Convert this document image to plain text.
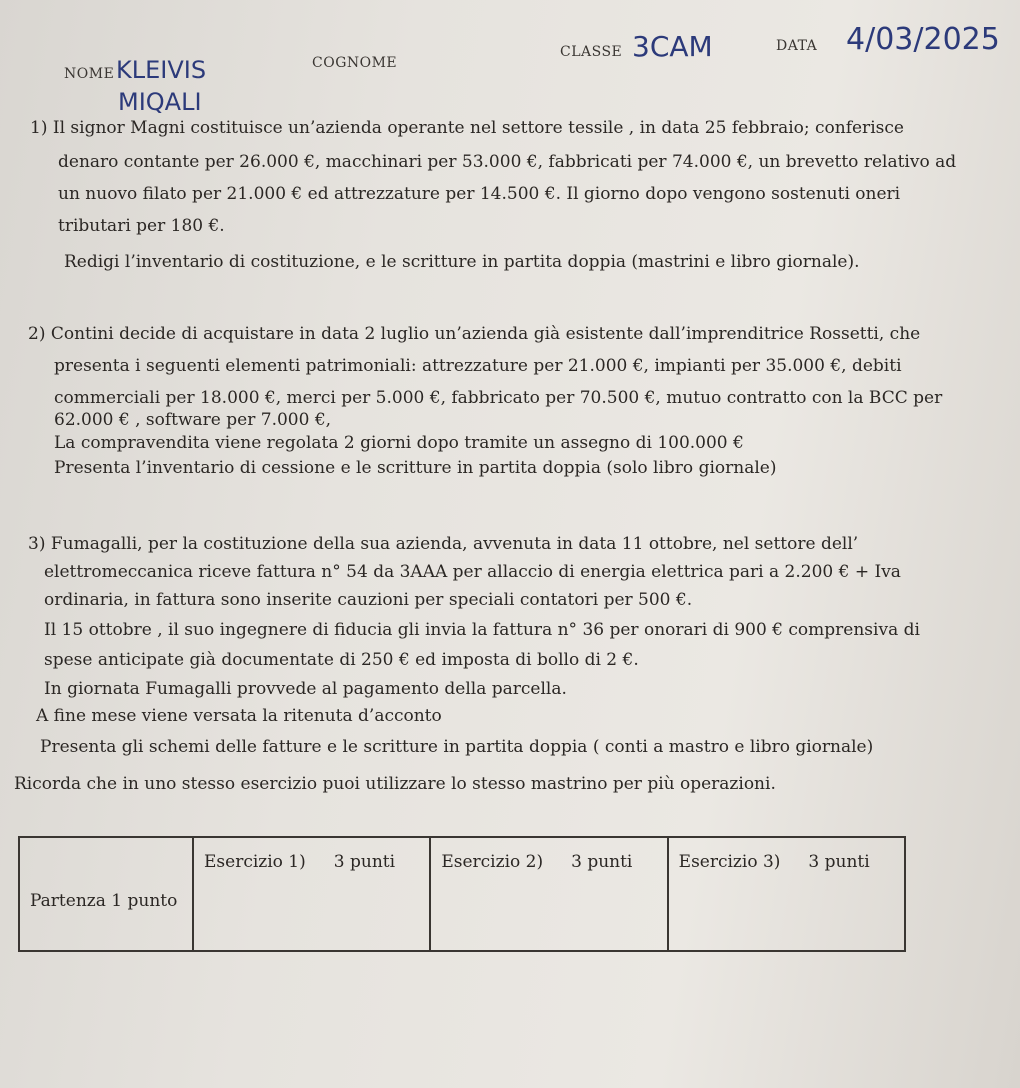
NOME KLEIVIS
MIQALI
COGNOME
CLASSE 3CAM	DATA 4/03/2025
1) Il signor Magni costituisce un’azienda operante nel settore tessile , in data 25 febbraio; conferisce
denaro contante per 26.000 €, macchinari per 53.000 €, fabbricati per 74.000 €, un brevetto relativo ad
un nuovo filato per 21.000 € ed attrezzature per 14.500 €. Il giorno dopo vengono sostenuti oneri
tributari per 180 €.
Redigi l’inventario di costituzione, e le scritture in partita doppia (mastrini e libro giornale).
2) Contini decide di acquistare in data 2 luglio un’azienda già esistente dall’imprenditrice Rossetti, che
presenta i seguenti elementi patrimoniali: attrezzature per 21.000 €, impianti per 35.000 €, debiti
commerciali per 18.000 €, merci per 5.000 €, fabbricato per 70.500 €, mutuo contratto con la BCC per
62.000 € , software per 7.000 €,
La compravendita viene regolata 2 giorni dopo tramite un assegno di 100.000 €
Presenta l’inventario di cessione e le scritture in partita doppia (solo libro giornale)
3) Fumagalli, per la costituzione della sua azienda, avvenuta in data 11 ottobre, nel settore dell’
elettromeccanica riceve fattura n° 54 da 3AAA per allaccio di energia elettrica pari a 2.200 € + Iva
ordinaria, in fattura sono inserite cauzioni per speciali contatori per 500 €.
Il 15 ottobre , il suo ingegnere di fiducia gli invia la fattura n° 36 per onorari di 900 € comprensiva di
spese anticipate già documentate di 250 € ed imposta di bollo di 2 €.
In giornata Fumagalli provvede al pagamento della parcella.
A fine mese viene versata la ritenuta d’acconto
Presenta gli schemi delle fatture e le scritture in partita doppia ( conti a mastro e libro giornale)
Ricorda che in uno stesso esercizio puoi utilizzare lo stesso mastrino per più operazioni.
Partenza 1 punto	Esercizio 1) 3 punti	Esercizio 2) 3 punti	Esercizio 3) 3 punti
